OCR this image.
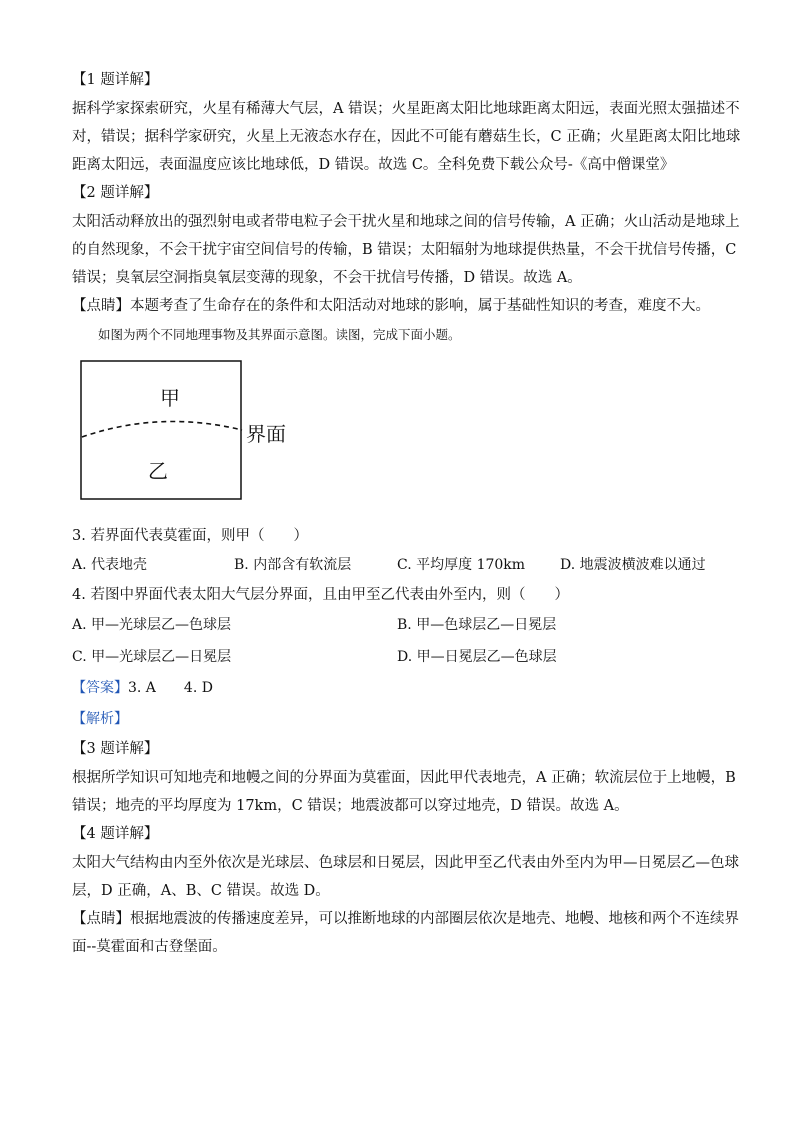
【1 题详解】
据科学家探索研究，火星有稀薄大气层，A 错误；火星距离太阳比地球距离太阳远，表面光照太强描述不
对，错误；据科学家研究，火星上无液态水存在，因此不可能有蘑菇生长，C 正确；火星距离太阳比地球
距离太阳远，表面温度应该比地球低，D 错误。故选 C。全科免费下载公众号-《高中僧课堂》
【2 题详解】
太阳活动释放出的强烈射电或者带电粒子会干扰火星和地球之间的信号传输，A 正确；火山活动是地球上
的自然现象，不会干扰宇宙空间信号的传输，B 错误；太阳辐射为地球提供热量，不会干扰信号传播，C
错误；臭氧层空洞指臭氧层变薄的现象，不会干扰信号传播，D 错误。故选 A。
【点睛】本题考查了生命存在的条件和太阳活动对地球的影响，属于基础性知识的考查，难度不大。
如图为两个不同地理事物及其界面示意图。读图，完成下面小题。
甲
乙
界面
3. 若界面代表莫霍面，则甲（　　）
A. 代表地壳	B. 内部含有软流层	C. 平均厚度 170km	D. 地震波横波难以通过
4. 若图中界面代表太阳大气层分界面，且由甲至乙代表由外至内，则（　　）
A. 甲—光球层乙—色球层	B. 甲—色球层乙—日冕层
C. 甲—光球层乙—日冕层	D. 甲—日冕层乙—色球层
【答案】3. A　　4. D
【解析】
【3 题详解】
根据所学知识可知地壳和地幔之间的分界面为莫霍面，因此甲代表地壳，A 正确；软流层位于上地幔，B
错误；地壳的平均厚度为 17km，C 错误；地震波都可以穿过地壳，D 错误。故选 A。
【4 题详解】
太阳大气结构由内至外依次是光球层、色球层和日冕层，因此甲至乙代表由外至内为甲—日冕层乙—色球
层，D 正确，A、B、C 错误。故选 D。
【点睛】根据地震波的传播速度差异，可以推断地球的内部圈层依次是地壳、地幔、地核和两个不连续界
面--莫霍面和古登堡面。
